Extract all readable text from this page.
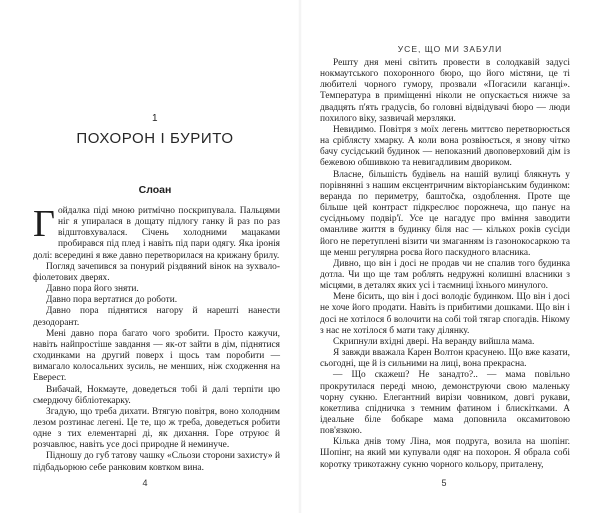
1
ПОХОРОН І БУРИТО
Слоан
Гойдалка піді мною ритмічно поскрипувала. Пальцями ніг я упиралася в дощату підлогу ганку й раз по раз відштовхувалася. Січень холодними мацаками пробирався під плед і навіть під пари одягу. Яка іронія долі: всередині я вже давно перетворилася на крижану брилу.

Погляд зачепився за понурий різдвяний вінок на зухвало-фіолетових дверях.

Давно пора його зняти.

Давно пора вертатися до роботи.

Давно пора піднятися нагору й нарешті нанести дезодорант.

Мені давно пора багато чого зробити. Просто кажучи, навіть найпростіше завдання — як-от зайти в дім, піднятися сходинками на другий поверх і щось там поробити — вимагало колосальних зусиль, не менших, ніж сходження на Еверест.

Вибачай, Нокмауте, доведеться тобі й далі терпіти цю смердючу бібліотекарку.

Згадую, що треба дихати. Втягую повітря, воно холодним лезом розтинає легені. Це те, що ж треба, доведеться робити одне з тих елементарні ді, як дихання. Горе отруює й розчавлює, навіть усе досі природне й неминуче.

Підношу до губ татову чашку «Сльози сторони захисту» й підбадьорюю себе ранковим ковтком вина.

4
УСЕ, ЩО МИ ЗАБУЛИ

Решту дня мені світить провести в солодкавій задусі нокмаутського похоронного бюро, що його містяни, це ті любителі чорного гумору, прозвали «Погасили каганці». Температура в приміщенні ніколи не опускається нижче за двадцять п'ять градусів, бо головні відвідувачі бюро — люди похилого віку, зазвичай мерзляки.

Невидимо. Повітря з моїх легень миттєво перетворюється на сріблясту хмарку. А коли вона розвіюється, я знову чітко бачу сусідський будинок — непоказний двоповерховий дім із бежевою обшивкою та невигадливим двориком.

Власне, більшість будівель на нашій вулиці блякнуть у порівнянні з нашим ексцентричним вікторіанським будинком: веранда по периметру, баштočка, оздоблення. Проте ще більше цей контраст підкреслює порожнеча, що панує на сусідньому подвір'ї. Усе це нагадує про вміння заводити оманливе життя в будинку біля нас — кількох років сусіди його не перетуплені візити чи змаганням із газонокосаркою та ще менш регулярна роєва його паскудного власника.

Дивно, що він і досі не продав чи не спалив того будинка дотла. Чи що ще там роблять недружні колишні власники з місцями, в деталях яких усі і таємниці їхнього минулого.

Мене бісить, що він і досі володіє будинком. Що він і досі не хоче його продати. Навіть із прибитими дошками. Що він і досі не хотілося б волочити на собі той тягар спогадів. Нікому з нас не хотілося б мати таку ділянку.

Скрипнули вхідні двері. На веранду вийшла мама.

Я завжди вважала Карен Волтон красунею. Що вже казати, сьогодні, ще й із сильними на лиці, вона прекрасна.

— Що скажеш? Не занадто?.. — мама повільно прокрутилася переді мною, демонструючи свою маленьку чорну сукню. Елегантний вирізи човником, довгі рукави, кокетлива спідничка з темним фатином і блискітками. А ідеальне біле бобкаре мама доповнила оксамитовою пов'язкою.

Кілька днів тому Ліна, моя подруга, возила на шопінг. Шопінг, на який ми купували одяг на похорон. Я обрала собі коротку трикотажну сукню чорного кольору, приталену,

5
